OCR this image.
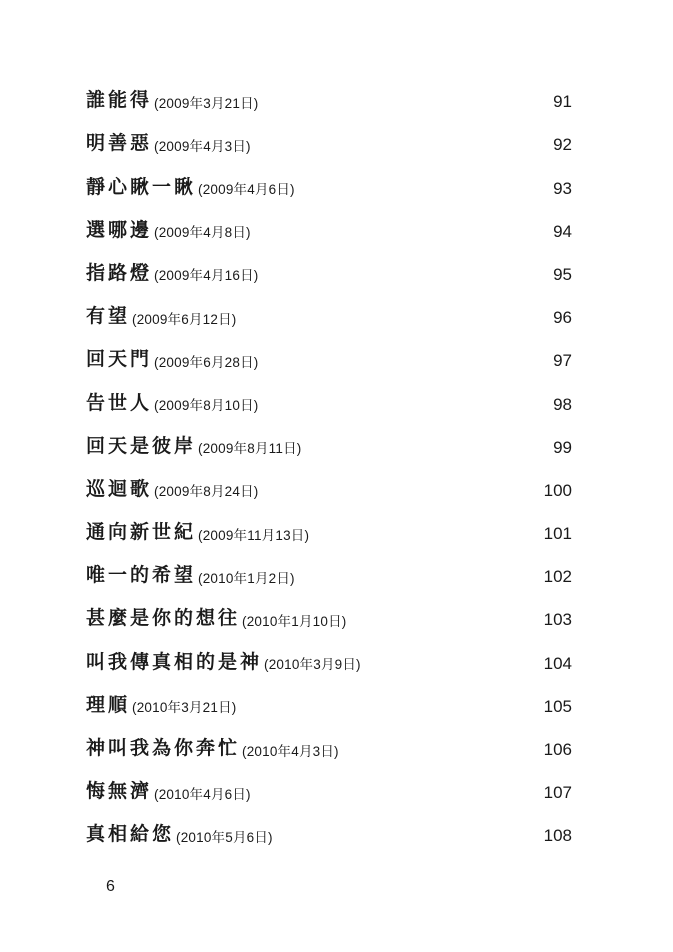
誰能得 (2009年3月21日)	91
明善惡 (2009年4月3日)	92
靜心瞅一瞅 (2009年4月6日)	93
選哪邊 (2009年4月8日)	94
指路燈 (2009年4月16日)	95
有望 (2009年6月12日)	96
回天門 (2009年6月28日)	97
告世人 (2009年8月10日)	98
回天是彼岸 (2009年8月11日)	99
巡迴歌 (2009年8月24日)	100
通向新世紀 (2009年11月13日)	101
唯一的希望 (2010年1月2日)	102
甚麼是你的想往 (2010年1月10日)	103
叫我傳真相的是神 (2010年3月9日)	104
理順 (2010年3月21日)	105
神叫我為你奔忙 (2010年4月3日)	106
悔無濟 (2010年4月6日)	107
真相給您 (2010年5月6日)	108
6
